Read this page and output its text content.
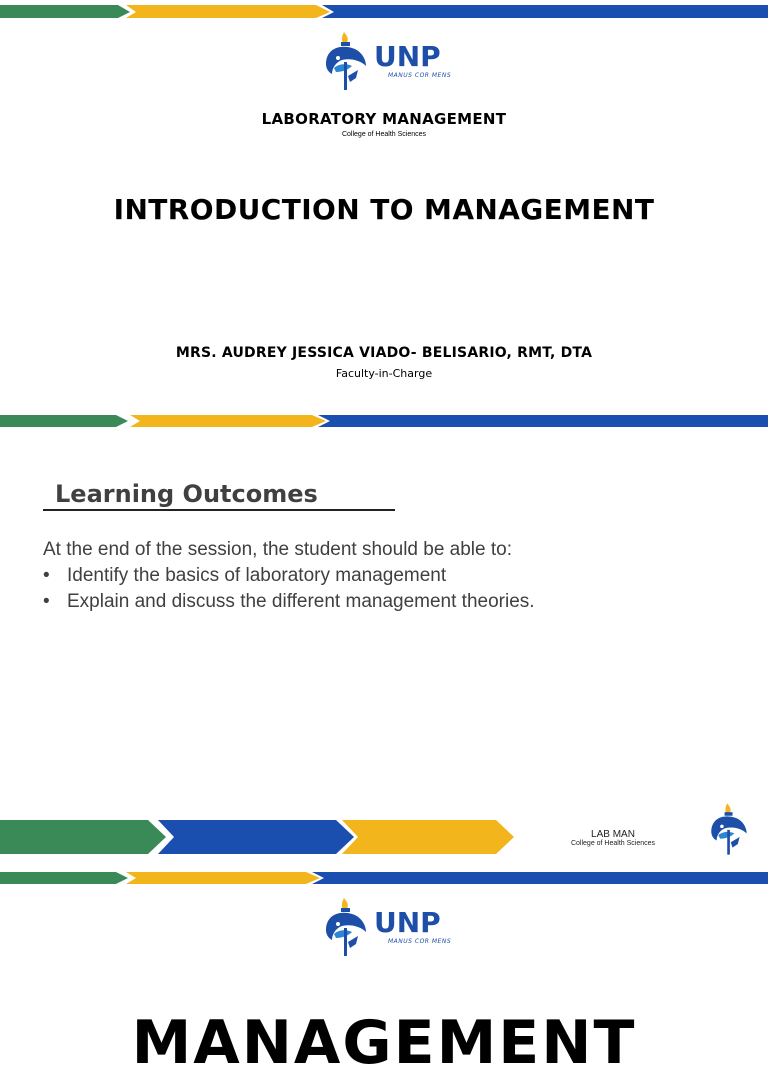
UNP
MANUS COR MENS
LABORATORY MANAGEMENT
College of Health Sciences
INTRODUCTION TO MANAGEMENT
MRS. AUDREY JESSICA VIADO- BELISARIO, RMT, DTA
Faculty-in-Charge
Learning Outcomes
At the end of the session, the student should be able to:
• Identify the basics of laboratory management
• Explain and discuss the different management theories.
LAB MAN
College of Health Sciences
UNP
MANUS COR MENS
MANAGEMENT
